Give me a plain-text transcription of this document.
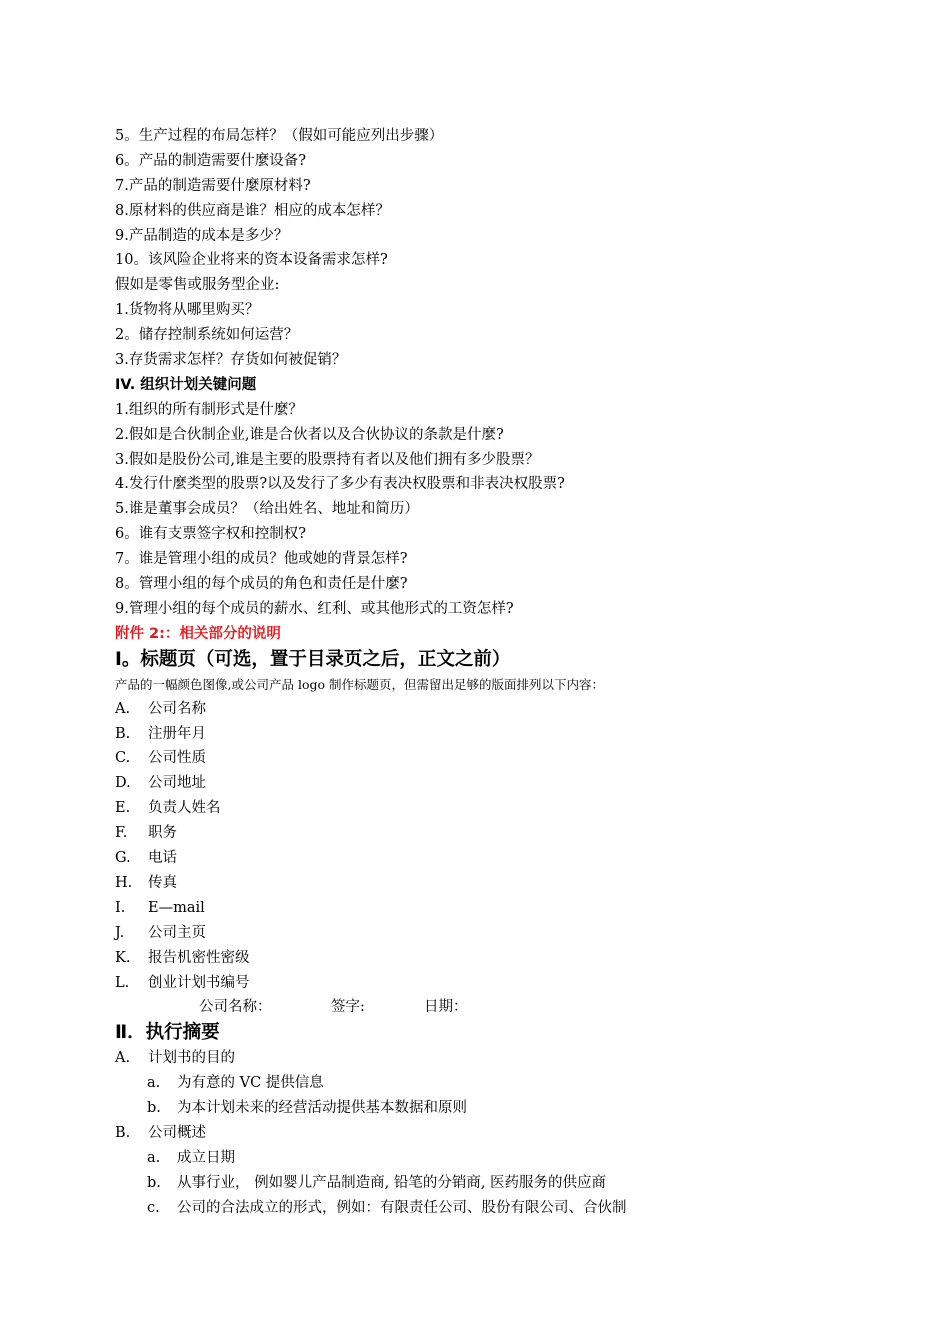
5。生产过程的布局怎样？（假如可能应列出步骤）
6。产品的制造需要什麼设备?
7.产品的制造需要什麼原材料?
8.原材料的供应商是谁？相应的成本怎样？
9.产品制造的成本是多少？
10。该风险企业将来的资本设备需求怎样?
假如是零售或服务型企业:
1.货物将从哪里购买？
2。储存控制系统如何运营？
3.存货需求怎样？存货如何被促销？
IV. 组织计划关键问题
1.组织的所有制形式是什麼？
2.假如是合伙制企业,谁是合伙者以及合伙协议的条款是什麼?
3.假如是股份公司,谁是主要的股票持有者以及他们拥有多少股票？
4.发行什麼类型的股票?以及发行了多少有表决权股票和非表决权股票?
5.谁是董事会成员？（给出姓名、地址和简历）
6。谁有支票签字权和控制权?
7。谁是管理小组的成员？他或她的背景怎样?
8。管理小组的每个成员的角色和责任是什麼?
9.管理小组的每个成员的薪水、红利、或其他形式的工资怎样?
附件 2:：相关部分的说明
Ⅰ。标题页（可选，置于目录页之后，正文之前）
产品的一幅颜色图像,或公司产品 logo 制作标题页，但需留出足够的版面排列以下内容：
A. 公司名称
B. 注册年月
C. 公司性质
D. 公司地址
E. 负责人姓名
F. 职务
G. 电话
H. 传真
I. E—mail
J. 公司主页
K. 报告机密性密级
L. 创业计划书编号
公司名称：	签字:	日期：
Ⅱ．执行摘要
A. 计划书的目的
a. 为有意的 VC 提供信息
b. 为本计划未来的经营活动提供基本数据和原则
B. 公司概述
a. 成立日期
b. 从事行业， 例如婴儿产品制造商, 铅笔的分销商, 医药服务的供应商
c. 公司的合法成立的形式，例如：有限责任公司、股份有限公司、合伙制
